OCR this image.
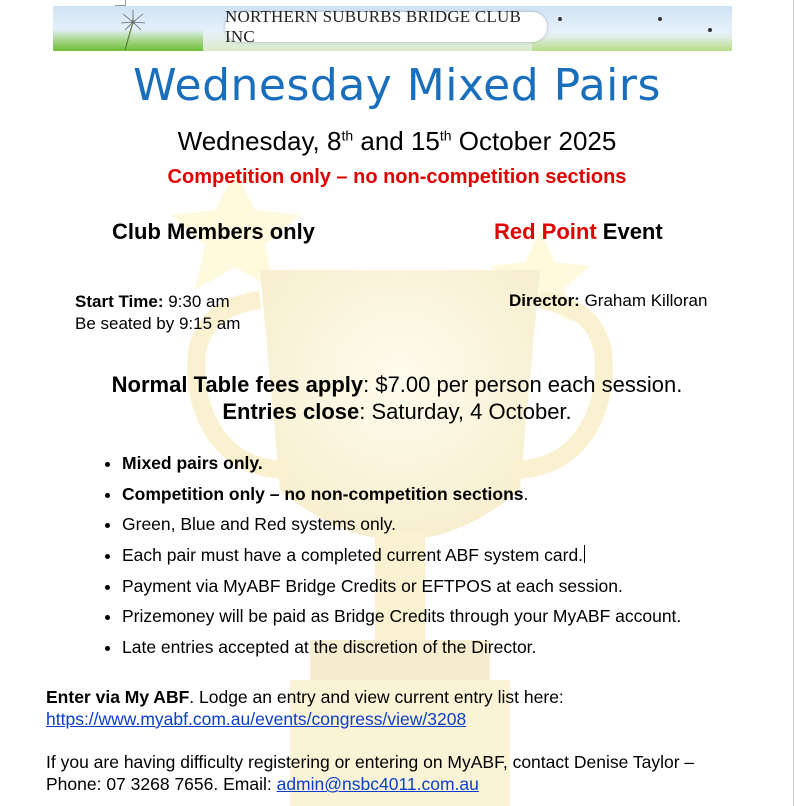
NORTHERN SUBURBS BRIDGE CLUB INC
Wednesday Mixed Pairs
Wednesday, 8th and 15th October 2025
Competition only – no non-competition sections
Club Members only	Red Point Event
Start Time: 9:30 am
Be seated by 9:15 am
Director: Graham Killoran
Normal Table fees apply: $7.00 per person each session.
Entries close: Saturday, 4 October.
• Mixed pairs only.
• Competition only – no non-competition sections.
• Green, Blue and Red systems only.
• Each pair must have a completed current ABF system card.
• Payment via MyABF Bridge Credits or EFTPOS at each session.
• Prizemoney will be paid as Bridge Credits through your MyABF account.
• Late entries accepted at the discretion of the Director.
Enter via My ABF. Lodge an entry and view current entry list here:
https://www.myabf.com.au/events/congress/view/3208
If you are having difficulty registering or entering on MyABF, contact Denise Taylor –
Phone: 07 3268 7656. Email: admin@nsbc4011.com.au
